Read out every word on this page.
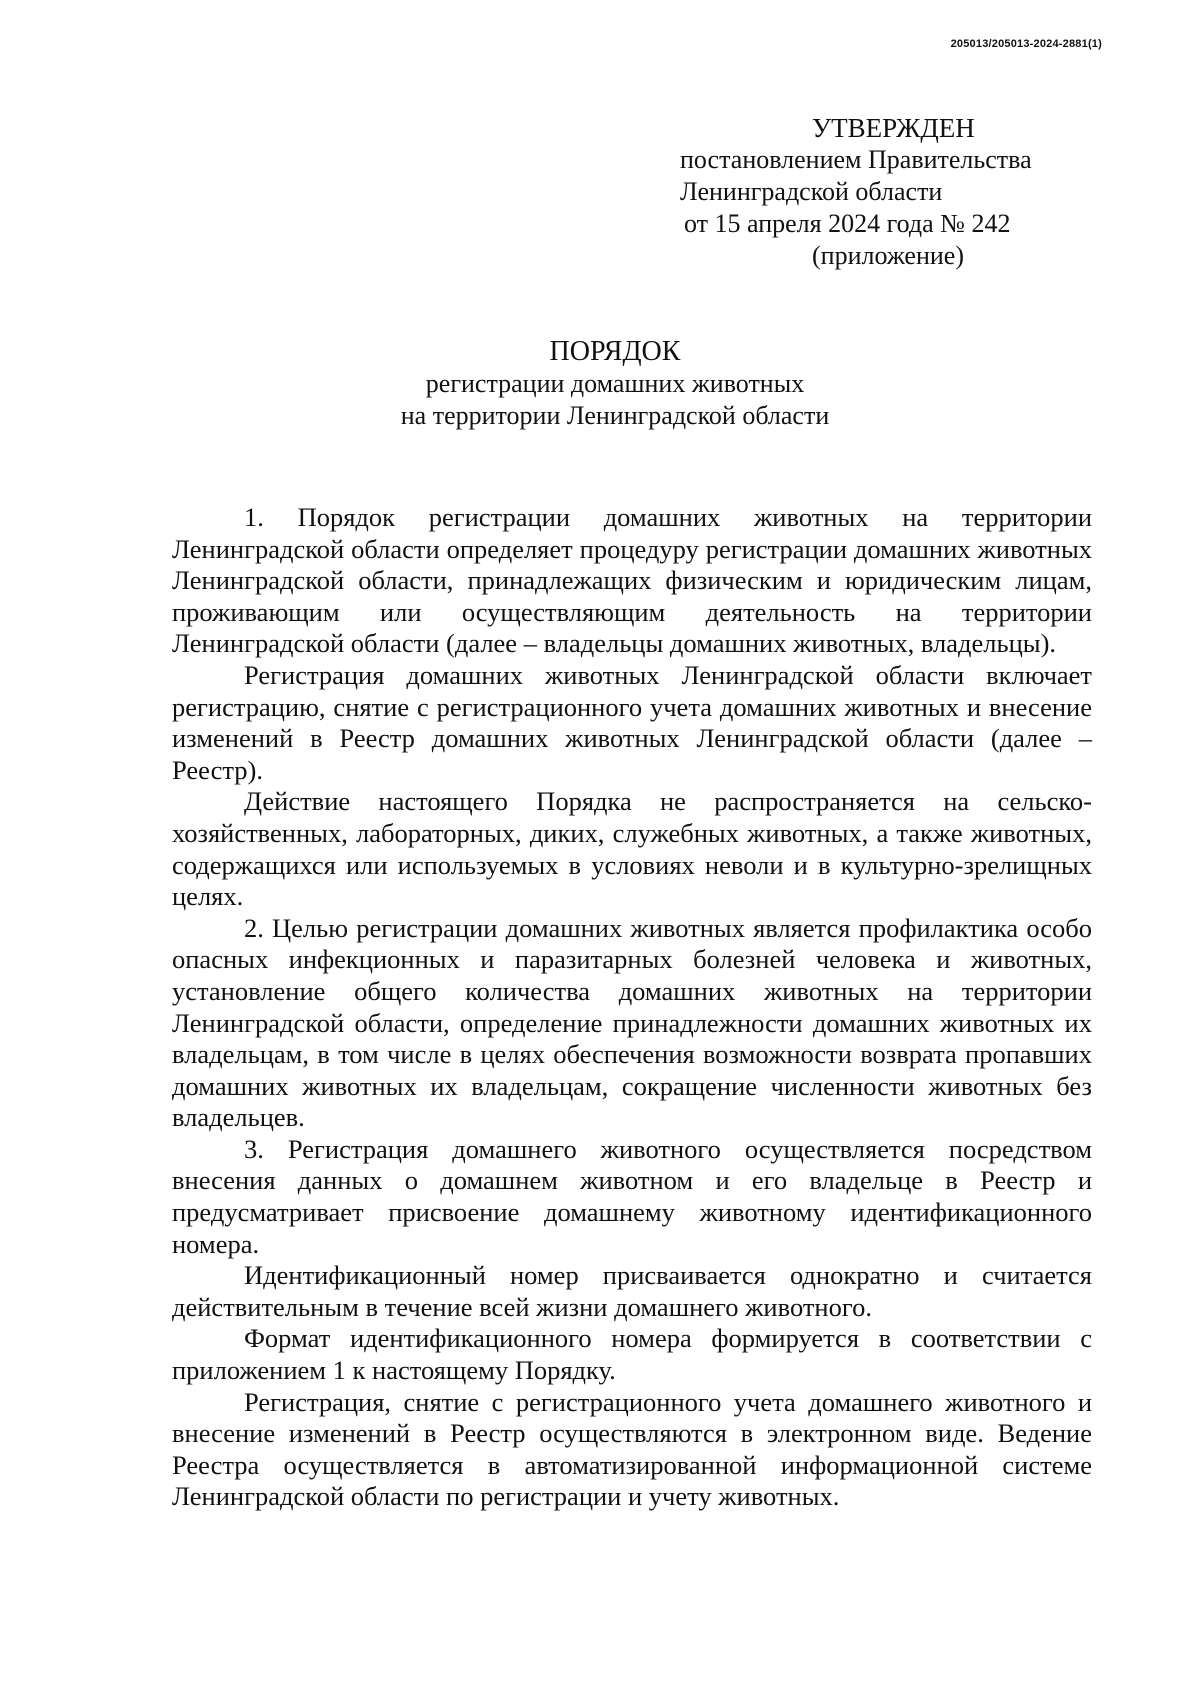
205013/205013-2024-2881(1)
УТВЕРЖДЕН
постановлением Правительства
Ленинградской области
от 15 апреля 2024 года № 242
(приложение)
ПОРЯДОК
регистрации домашних животных
на территории Ленинградской области

1. Порядок регистрации домашних животных на территории Ленинградской области определяет процедуру регистрации домашних животных Ленинградской области, принадлежащих физическим и юридическим лицам, проживающим или осуществляющим деятельность на территории Ленинградской области (далее – владельцы домашних животных, владельцы).

Регистрация домашних животных Ленинградской области включает регистрацию, снятие с регистрационного учета домашних животных и внесение изменений в Реестр домашних животных Ленинградской области (далее – Реестр).

Действие настоящего Порядка не распространяется на сельско-хозяйственных, лабораторных, диких, служебных животных, а также животных, содержащихся или используемых в условиях неволи и в культурно-зрелищных целях.

2. Целью регистрации домашних животных является профилактика особо опасных инфекционных и паразитарных болезней человека и животных, установление общего количества домашних животных на территории Ленинградской области, определение принадлежности домашних животных их владельцам, в том числе в целях обеспечения возможности возврата пропавших домашних животных их владельцам, сокращение численности животных без владельцев.

3. Регистрация домашнего животного осуществляется посредством внесения данных о домашнем животном и его владельце в Реестр и предусматривает присвоение домашнему животному идентификационного номера.

Идентификационный номер присваивается однократно и считается действительным в течение всей жизни домашнего животного.

Формат идентификационного номера формируется в соответствии с приложением 1 к настоящему Порядку.

Регистрация, снятие с регистрационного учета домашнего животного и внесение изменений в Реестр осуществляются в электронном виде. Ведение Реестра осуществляется в автоматизированной информационной системе Ленинградской области по регистрации и учету животных.
